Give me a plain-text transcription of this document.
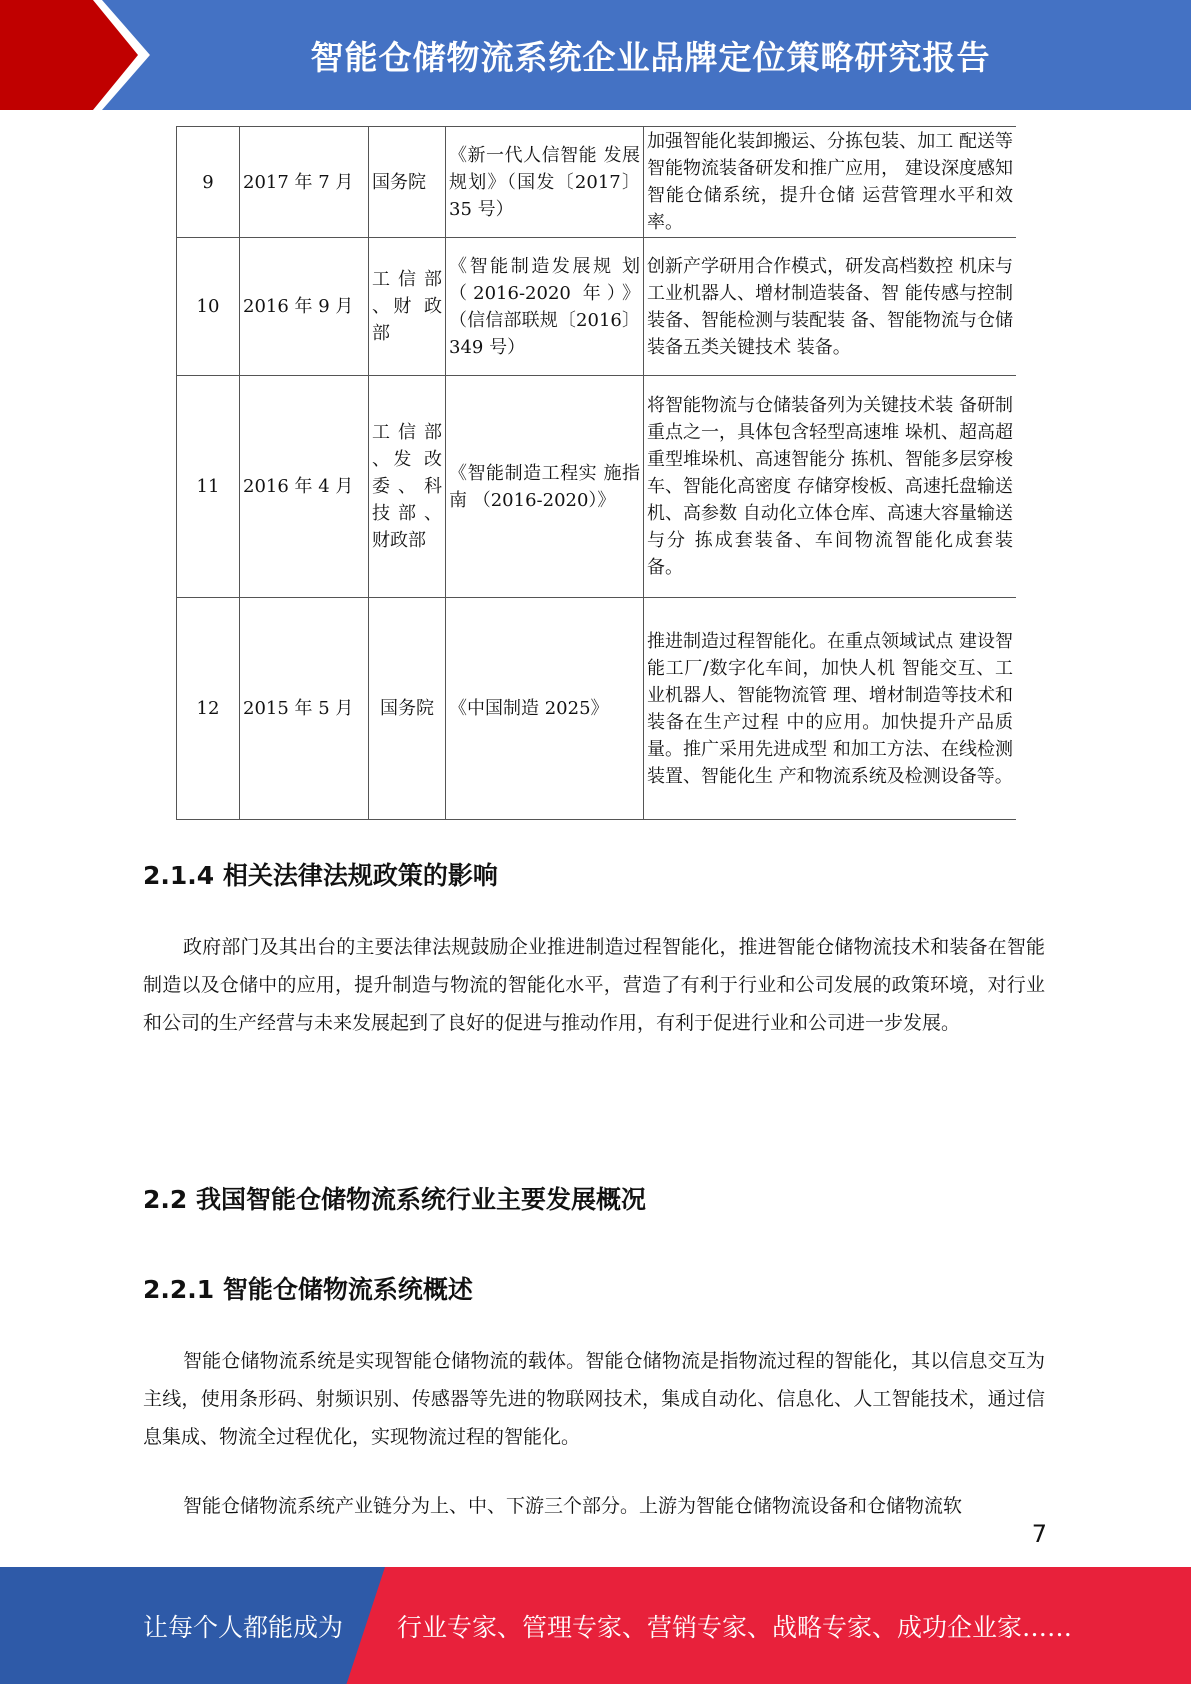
智能仓储物流系统企业品牌定位策略研究报告
9	2017 年 7 月	国务院	《新一代人信智能 发展规划》（国发〔2017〕 35 号）	加强智能化装卸搬运、分拣包装、加工 配送等智能物流装备研发和推广应用， 建设深度感知智能仓储系统，提升仓储 运营管理水平和效率。
10	2016 年 9 月	工 信 部 、财 政部	《智能制造发展规 划 （2016-2020 年）》（信信部联规〔2016〕 349 号）	创新产学研用合作模式，研发高档数控 机床与工业机器人、增材制造装备、智 能传感与控制装备、智能检测与装配装 备、智能物流与仓储装备五类关键技术 装备。
11	2016 年 4 月	工 信 部 、发 改委、科技部、财政部	《智能制造工程实 施指南 （2016-2020）》	将智能物流与仓储装备列为关键技术装 备研制重点之一，具体包含轻型高速堆 垛机、超高超重型堆垛机、高速智能分 拣机、智能多层穿梭车、智能化高密度 存储穿梭板、高速托盘输送机、高参数 自动化立体仓库、高速大容量输送与分 拣成套装备、车间物流智能化成套装 备。
12	2015 年 5 月	国务院	《中国制造 2025》	推进制造过程智能化。在重点领域试点 建设智能工厂/数字化车间，加快人机 智能交互、工业机器人、智能物流管 理、增材制造等技术和装备在生产过程 中的应用。加快提升产品质量。推广采用先进成型 和加工方法、在线检测装置、智能化生 产和物流系统及检测设备等。
2.1.4 相关法律法规政策的影响

政府部门及其出台的主要法律法规鼓励企业推进制造过程智能化，推进智能仓储物流技术和装备在智能制造以及仓储中的应用，提升制造与物流的智能化水平，营造了有利于行业和公司发展的政策环境，对行业和公司的生产经营与未来发展起到了良好的促进与推动作用，有利于促进行业和公司进一步发展。

2.2 我国智能仓储物流系统行业主要发展概况
2.2.1 智能仓储物流系统概述

智能仓储物流系统是实现智能仓储物流的载体。智能仓储物流是指物流过程的智能化，其以信息交互为主线，使用条形码、射频识别、传感器等先进的物联网技术，集成自动化、信息化、人工智能技术，通过信息集成、物流全过程优化，实现物流过程的智能化。

智能仓储物流系统产业链分为上、中、下游三个部分。上游为智能仓储物流设备和仓储物流软

7
让每个人都能成为 行业专家、管理专家、营销专家、战略专家、成功企业家……
